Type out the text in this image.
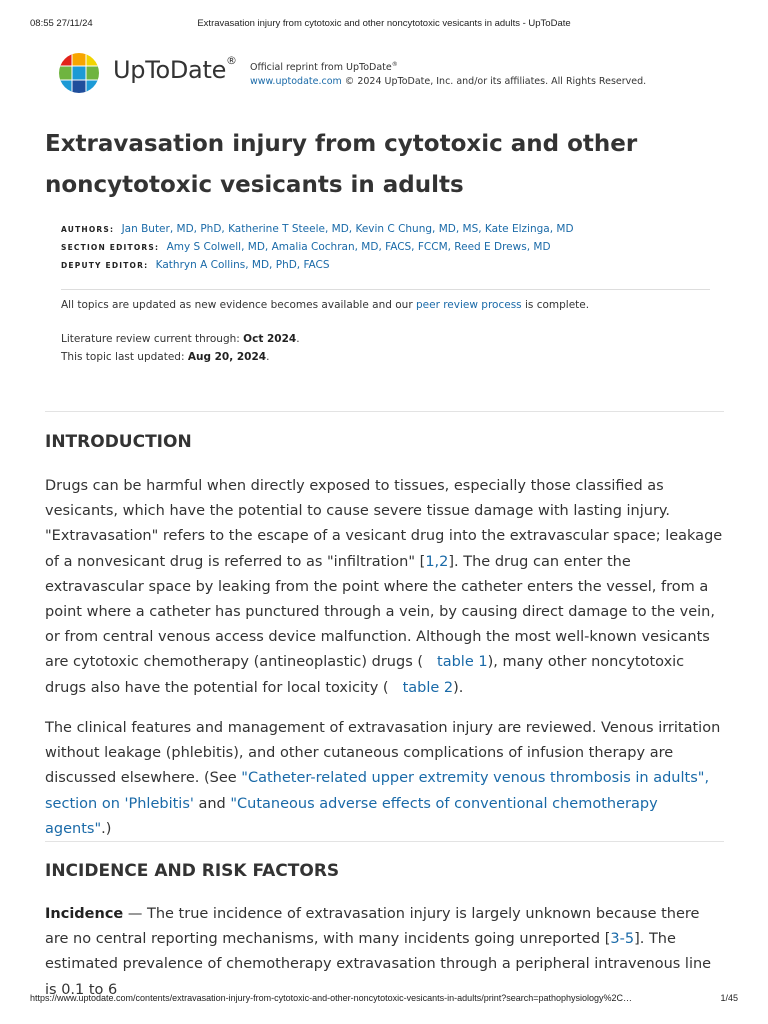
08:55 27/11/24	Extravasation injury from cytotoxic and other noncytotoxic vesicants in adults - UpToDate
UpToDate®
Official reprint from UpToDate®
www.uptodate.com © 2024 UpToDate, Inc. and/or its affiliates. All Rights Reserved.
Extravasation injury from cytotoxic and other
noncytotoxic vesicants in adults
AUTHORS: Jan Buter, MD, PhD, Katherine T Steele, MD, Kevin C Chung, MD, MS, Kate Elzinga, MD
SECTION EDITORS: Amy S Colwell, MD, Amalia Cochran, MD, FACS, FCCM, Reed E Drews, MD
DEPUTY EDITOR: Kathryn A Collins, MD, PhD, FACS
All topics are updated as new evidence becomes available and our peer review process is complete.
Literature review current through: Oct 2024.
This topic last updated: Aug 20, 2024.
INTRODUCTION

Drugs can be harmful when directly exposed to tissues, especially those classified as vesicants, which have the potential to cause severe tissue damage with lasting injury. "Extravasation" refers to the escape of a vesicant drug into the extravascular space; leakage of a nonvesicant drug is referred to as "infiltration" [1,2]. The drug can enter the extravascular space by leaking from the point where the catheter enters the vessel, from a point where a catheter has punctured through a vein, by causing direct damage to the vein, or from central venous access device malfunction. Although the most well-known vesicants are cytotoxic chemotherapy (antineoplastic) drugs ( table 1), many other noncytotoxic drugs also have the potential for local toxicity ( table 2).

The clinical features and management of extravasation injury are reviewed. Venous irritation without leakage (phlebitis), and other cutaneous complications of infusion therapy are discussed elsewhere. (See "Catheter-related upper extremity venous thrombosis in adults", section on 'Phlebitis' and "Cutaneous adverse effects of conventional chemotherapy agents".)

INCIDENCE AND RISK FACTORS

Incidence — The true incidence of extravasation injury is largely unknown because there are no central reporting mechanisms, with many incidents going unreported [3-5]. The estimated prevalence of chemotherapy extravasation through a peripheral intravenous line is 0.1 to 6

https://www.uptodate.com/contents/extravasation-injury-from-cytotoxic-and-other-noncytotoxic-vesicants-in-adults/print?search=pathophysiology%2C…	1/45
